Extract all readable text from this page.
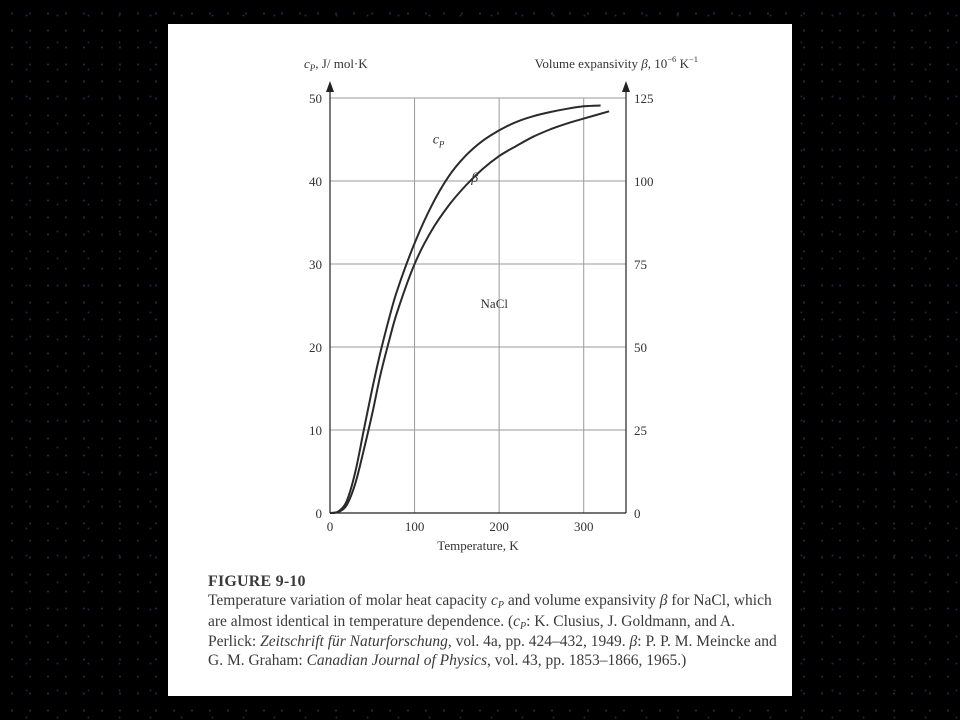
0	100	200	300
0
10
20
30
40
50
0
25
50
75
100
125
$c_P$
β
$c_P$, J/ mol·K	Volume expansivity β, $10^{-6}$ $K^{-1}$
Temperature, K
NaCl
FIGURE 9-10
Temperature variation of molar heat capacity $c_P$ and volume expansivity β for NaCl, which are almost identical in temperature dependence. ($c_P$: K. Clusius, J. Goldmann, and A. Perlick: Zeitschrift für Naturforschung, vol. 4a, pp. 424–432, 1949. β: P. P. M. Meincke and G. M. Graham: Canadian Journal of Physics, vol. 43, pp. 1853–1866, 1965.)
